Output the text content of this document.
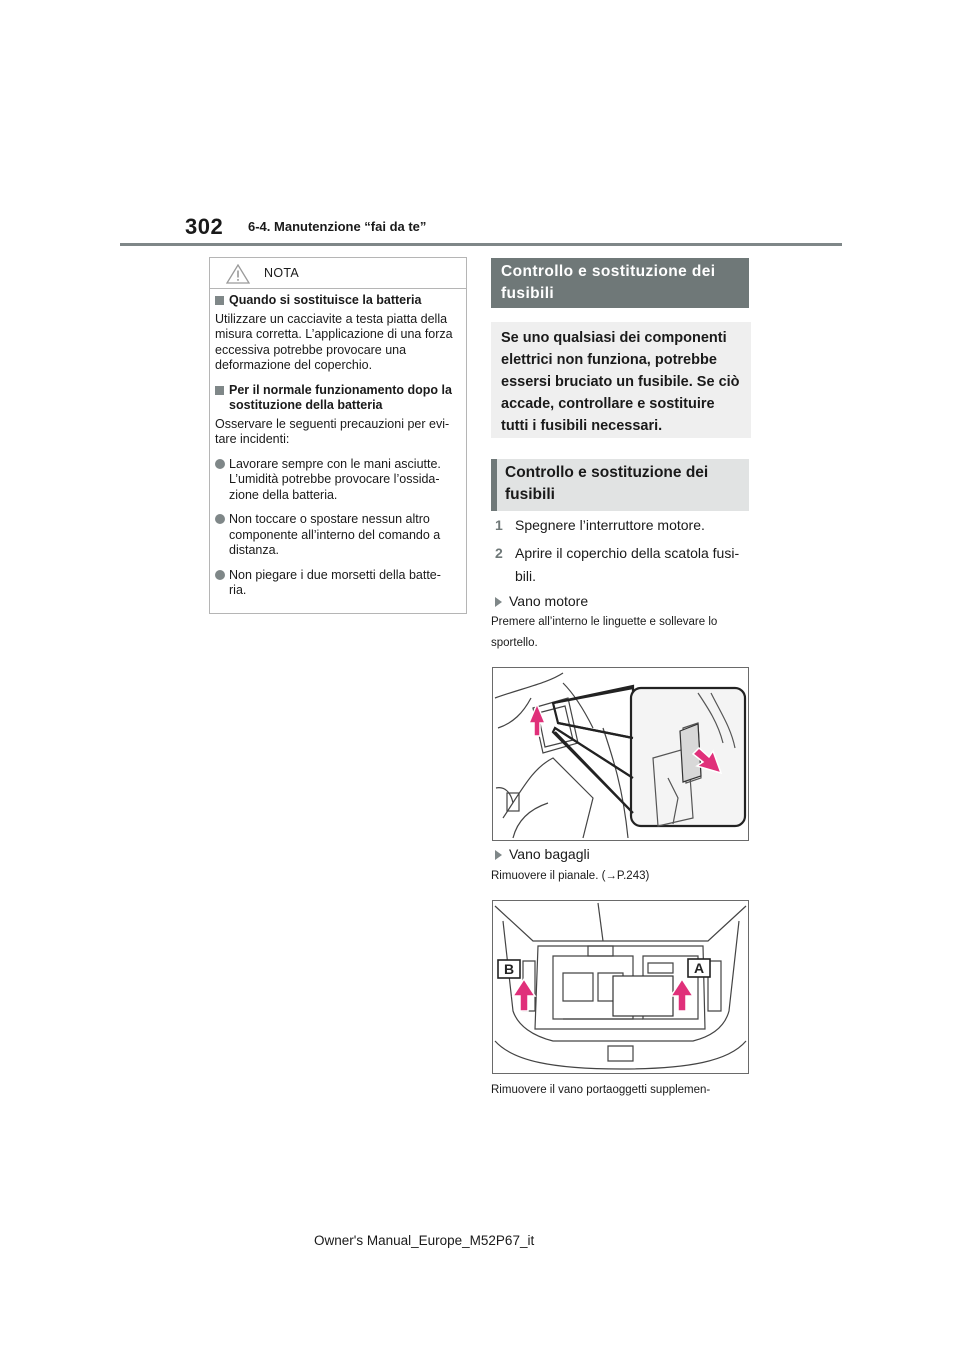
302 6-4. Manutenzione “fai da te”
NOTA
Quando si sostituisce la batteria
Utilizzare un cacciavite a testa piatta della misura corretta. L’applicazione di una forza eccessiva potrebbe provocare una deformazione del coperchio.
Per il normale funzionamento dopo la sostituzione della batteria
Osservare le seguenti precauzioni per evi-tare incidenti:
Lavorare sempre con le mani asciutte. L’umidità potrebbe provocare l’ossida-zione della batteria.
Non toccare o spostare nessun altro componente all’interno del comando a distanza.
Non piegare i due morsetti della batte-ria.
Controllo e sostituzione dei fusibili
Se uno qualsiasi dei componenti elettrici non funziona, potrebbe essersi bruciato un fusibile. Se ciò accade, controllare e sostituire tutti i fusibili necessari.
Controllo e sostituzione dei fusibili
1 Spegnere l’interruttore motore.
2 Aprire il coperchio della scatola fusi-bili.
Vano motore
Premere all’interno le linguette e sollevare lo sportello.
Vano bagagli
Rimuovere il pianale. (→P.243)
B	A
Rimuovere il vano portaoggetti supplemen-
Owner's Manual_Europe_M52P67_it
